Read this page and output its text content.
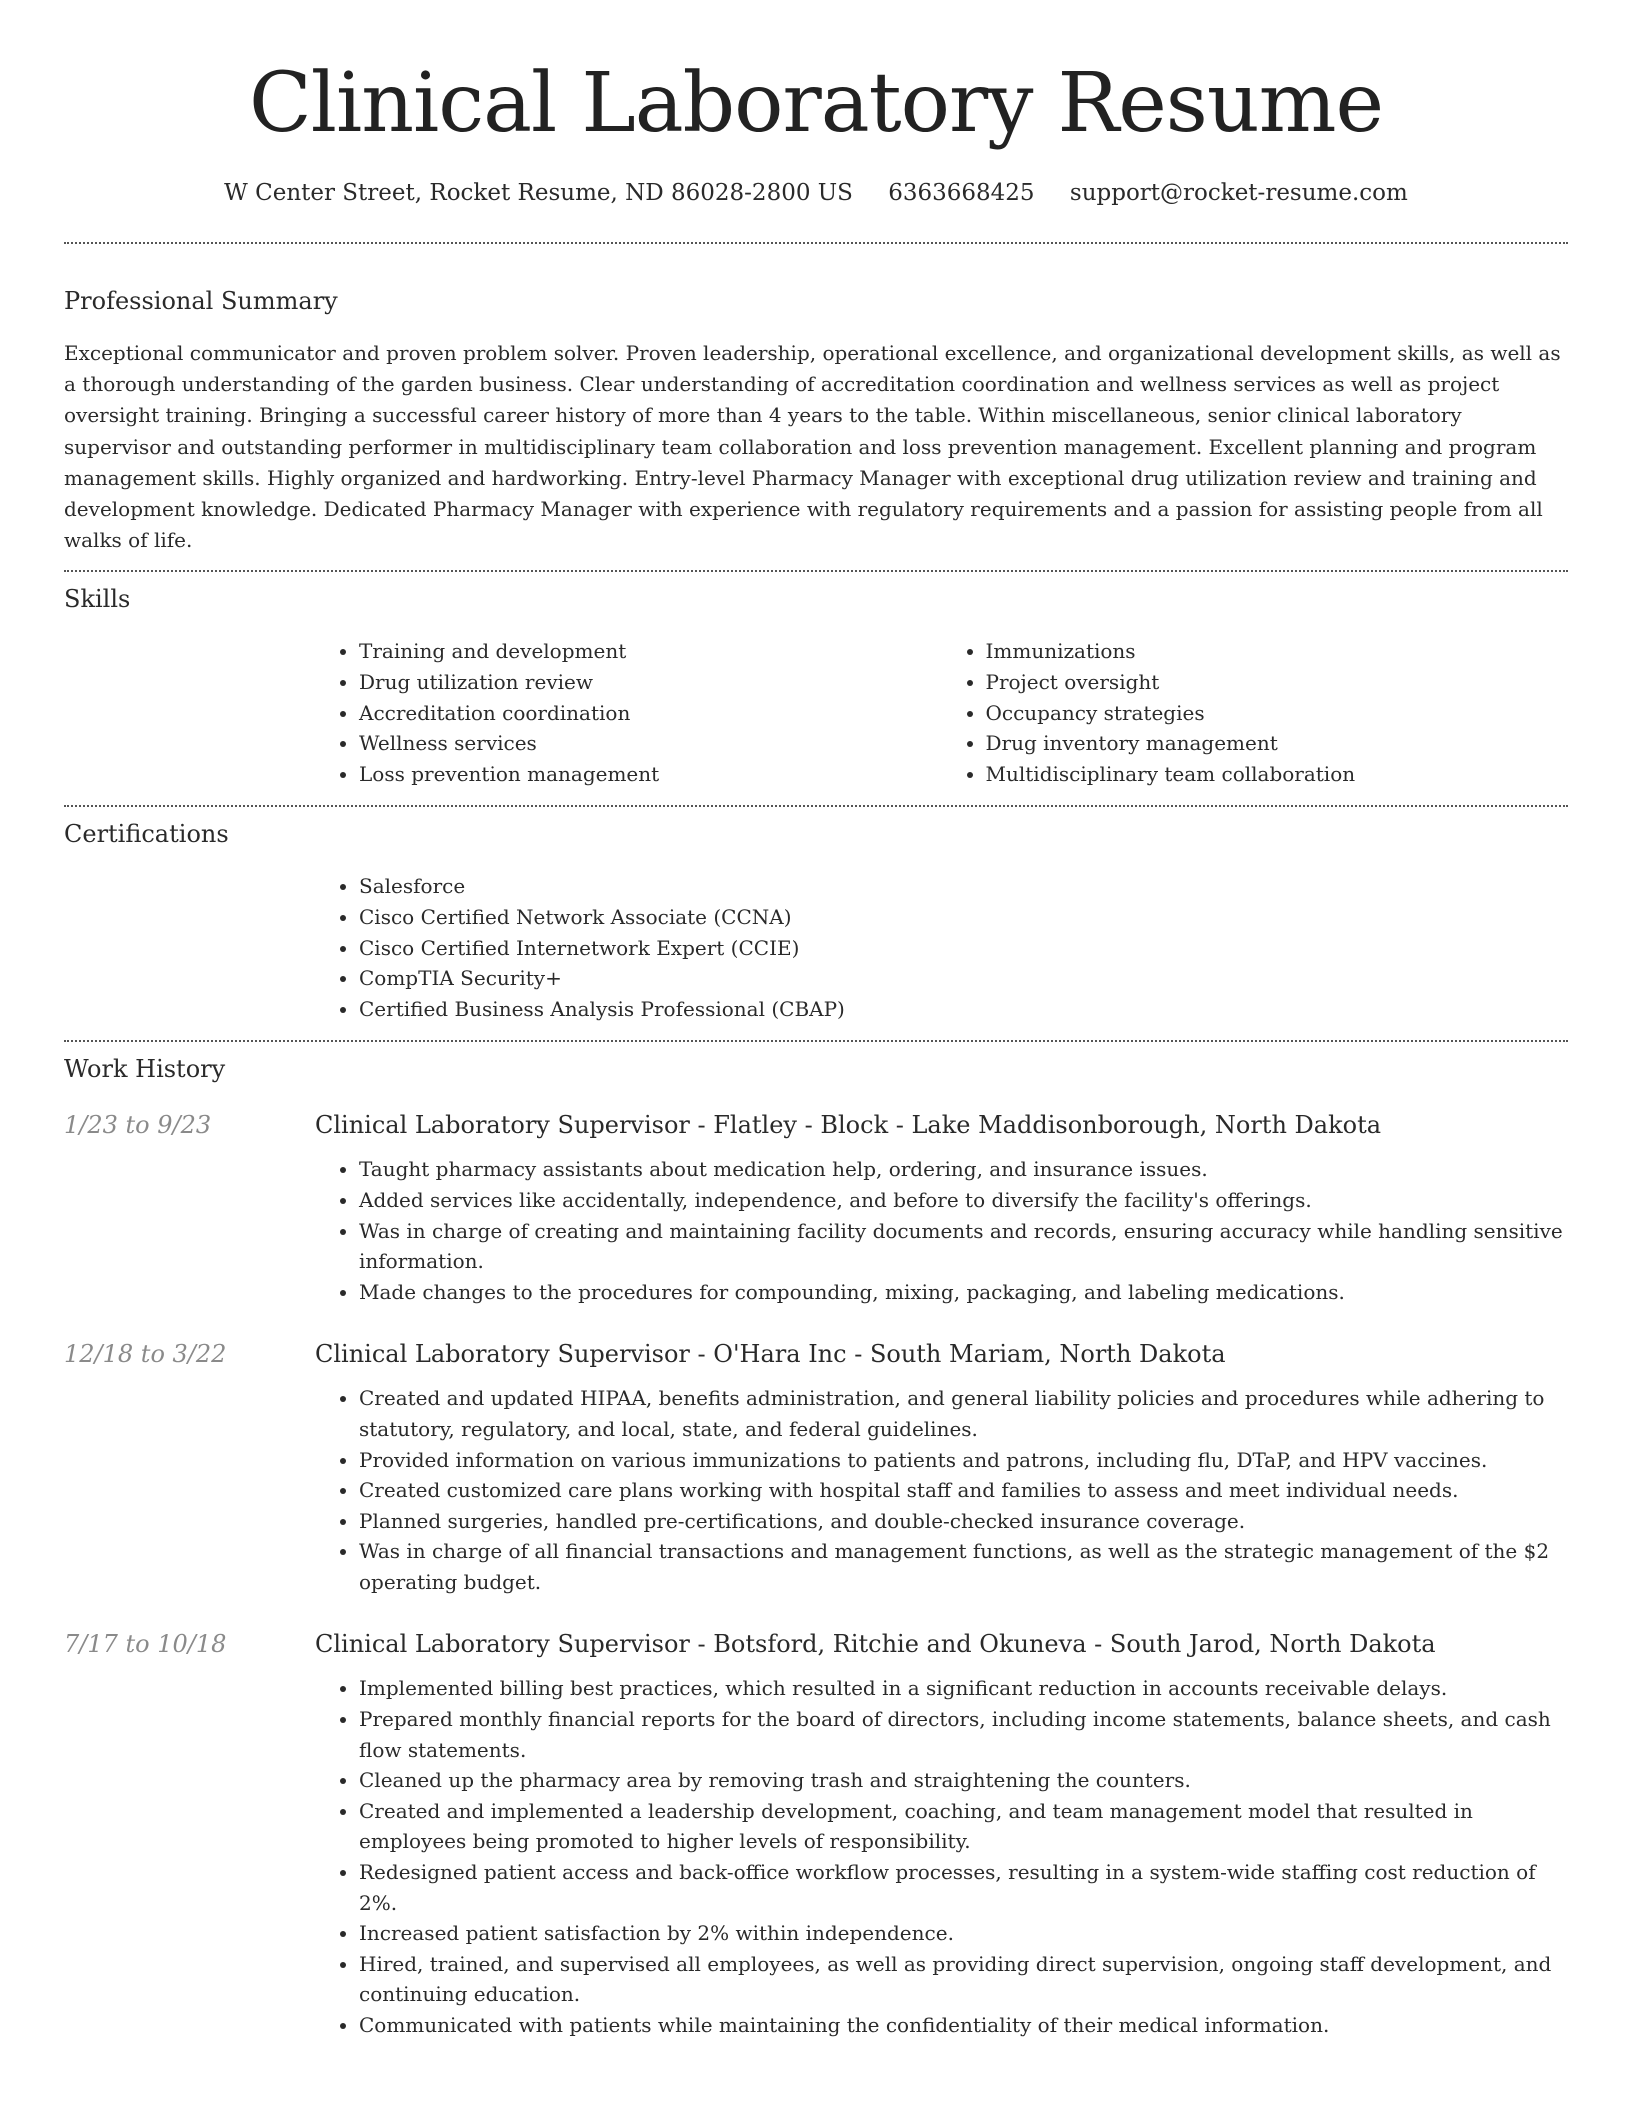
Clinical Laboratory Resume
W Center Street, Rocket Resume, ND 86028-2800 US 6363668425 support@rocket-resume.com
Professional Summary

Exceptional communicator and proven problem solver. Proven leadership, operational excellence, and organizational development skills, as well as a thorough understanding of the garden business. Clear understanding of accreditation coordination and wellness services as well as project oversight training. Bringing a successful career history of more than 4 years to the table. Within miscellaneous, senior clinical laboratory supervisor and outstanding performer in multidisciplinary team collaboration and loss prevention management. Excellent planning and program management skills. Highly organized and hardworking. Entry-level Pharmacy Manager with exceptional drug utilization review and training and development knowledge. Dedicated Pharmacy Manager with experience with regulatory requirements and a passion for assisting people from all walks of life.

Skills
• Training and development
• Drug utilization review
• Accreditation coordination
• Wellness services
• Loss prevention management
• Immunizations
• Project oversight
• Occupancy strategies
• Drug inventory management
• Multidisciplinary team collaboration
Certifications
• Salesforce
• Cisco Certified Network Associate (CCNA)
• Cisco Certified Internetwork Expert (CCIE)
• CompTIA Security+
• Certified Business Analysis Professional (CBAP)
Work History
1/23 to 9/23	Clinical Laboratory Supervisor - Flatley - Block - Lake Maddisonborough, North Dakota
• Taught pharmacy assistants about medication help, ordering, and insurance issues.
• Added services like accidentally, independence, and before to diversify the facility's offerings.
• Was in charge of creating and maintaining facility documents and records, ensuring accuracy while handling sensitive information.
• Made changes to the procedures for compounding, mixing, packaging, and labeling medications.
12/18 to 3/22	Clinical Laboratory Supervisor - O'Hara Inc - South Mariam, North Dakota
• Created and updated HIPAA, benefits administration, and general liability policies and procedures while adhering to statutory, regulatory, and local, state, and federal guidelines.
• Provided information on various immunizations to patients and patrons, including flu, DTaP, and HPV vaccines.
• Created customized care plans working with hospital staff and families to assess and meet individual needs.
• Planned surgeries, handled pre-certifications, and double-checked insurance coverage.
• Was in charge of all financial transactions and management functions, as well as the strategic management of the $2 operating budget.
7/17 to 10/18	Clinical Laboratory Supervisor - Botsford, Ritchie and Okuneva - South Jarod, North Dakota
• Implemented billing best practices, which resulted in a significant reduction in accounts receivable delays.
• Prepared monthly financial reports for the board of directors, including income statements, balance sheets, and cash flow statements.
• Cleaned up the pharmacy area by removing trash and straightening the counters.
• Created and implemented a leadership development, coaching, and team management model that resulted in employees being promoted to higher levels of responsibility.
• Redesigned patient access and back-office workflow processes, resulting in a system-wide staffing cost reduction of 2%.
• Increased patient satisfaction by 2% within independence.
• Hired, trained, and supervised all employees, as well as providing direct supervision, ongoing staff development, and continuing education.
• Communicated with patients while maintaining the confidentiality of their medical information.
